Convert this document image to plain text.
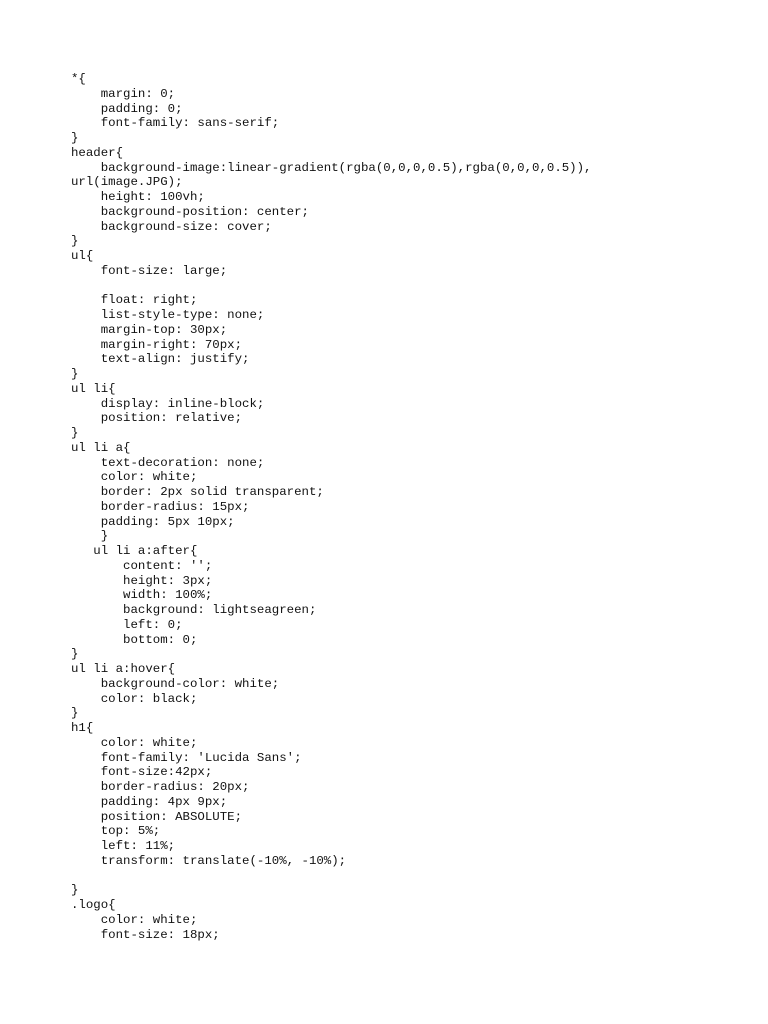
*{
margin: 0;
padding: 0;
font-family: sans-serif;
}
header{
background-image:linear-gradient(rgba(0,0,0,0.5),rgba(0,0,0,0.5)),
url(image.JPG);
height: 100vh;
background-position: center;
background-size: cover;
}
ul{
font-size: large;
float: right;
list-style-type: none;
margin-top: 30px;
margin-right: 70px;
text-align: justify;
}
ul li{
display: inline-block;
position: relative;
}
ul li a{
text-decoration: none;
color: white;
border: 2px solid transparent;
border-radius: 15px;
padding: 5px 10px;
}
ul li a:after{
content: '';
height: 3px;
width: 100%;
background: lightseagreen;
left: 0;
bottom: 0;
}
ul li a:hover{
background-color: white;
color: black;
}
h1{
color: white;
font-family: 'Lucida Sans';
font-size:42px;
border-radius: 20px;
padding: 4px 9px;
position: ABSOLUTE;
top: 5%;
left: 11%;
transform: translate(-10%, -10%);
}
.logo{
color: white;
font-size: 18px;
